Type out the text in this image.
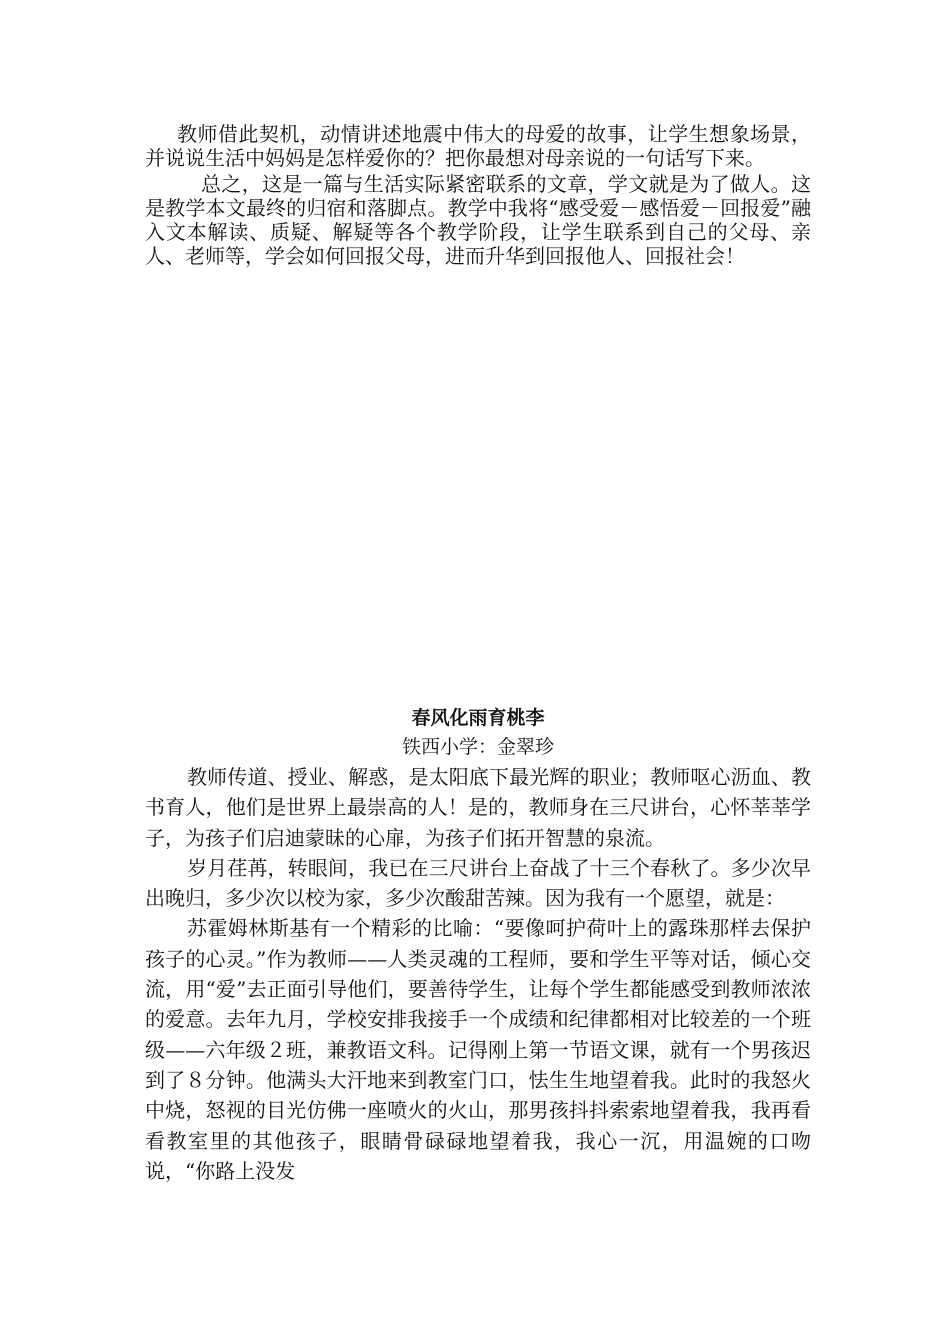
教师借此契机，动情讲述地震中伟大的母爱的故事，让学生想象场景，并说说生活中妈妈是怎样爱你的？把你最想对母亲说的一句话写下来。

总之，这是一篇与生活实际紧密联系的文章，学文就是为了做人。这是教学本文最终的归宿和落脚点。教学中我将“感受爱－感悟爱－回报爱”融入文本解读、质疑、解疑等各个教学阶段，让学生联系到自己的父母、亲人、老师等，学会如何回报父母，进而升华到回报他人、回报社会！

春风化雨育桃李
铁西小学：金翠珍

教师传道、授业、解惑，是太阳底下最光辉的职业；教师呕心沥血、教书育人，他们是世界上最崇高的人！是的，教师身在三尺讲台，心怀莘莘学子，为孩子们启迪蒙昧的心扉，为孩子们拓开智慧的泉流。

岁月荏苒，转眼间，我已在三尺讲台上奋战了十三个春秋了。多少次早出晚归，多少次以校为家，多少次酸甜苦辣。因为我有一个愿望，就是：

苏霍姆林斯基有一个精彩的比喻：“要像呵护荷叶上的露珠那样去保护孩子的心灵。”作为教师——人类灵魂的工程师，要和学生平等对话，倾心交流，用“爱”去正面引导他们，要善待学生，让每个学生都能感受到教师浓浓的爱意。去年九月，学校安排我接手一个成绩和纪律都相对比较差的一个班级——六年级２班，兼教语文科。记得刚上第一节语文课，就有一个男孩迟到了８分钟。他满头大汗地来到教室门口，怯生生地望着我。此时的我怒火中烧，怒视的目光仿佛一座喷火的火山，那男孩抖抖索索地望着我，我再看看教室里的其他孩子，眼睛骨碌碌地望着我，我心一沉，用温婉的口吻说，“你路上没发
